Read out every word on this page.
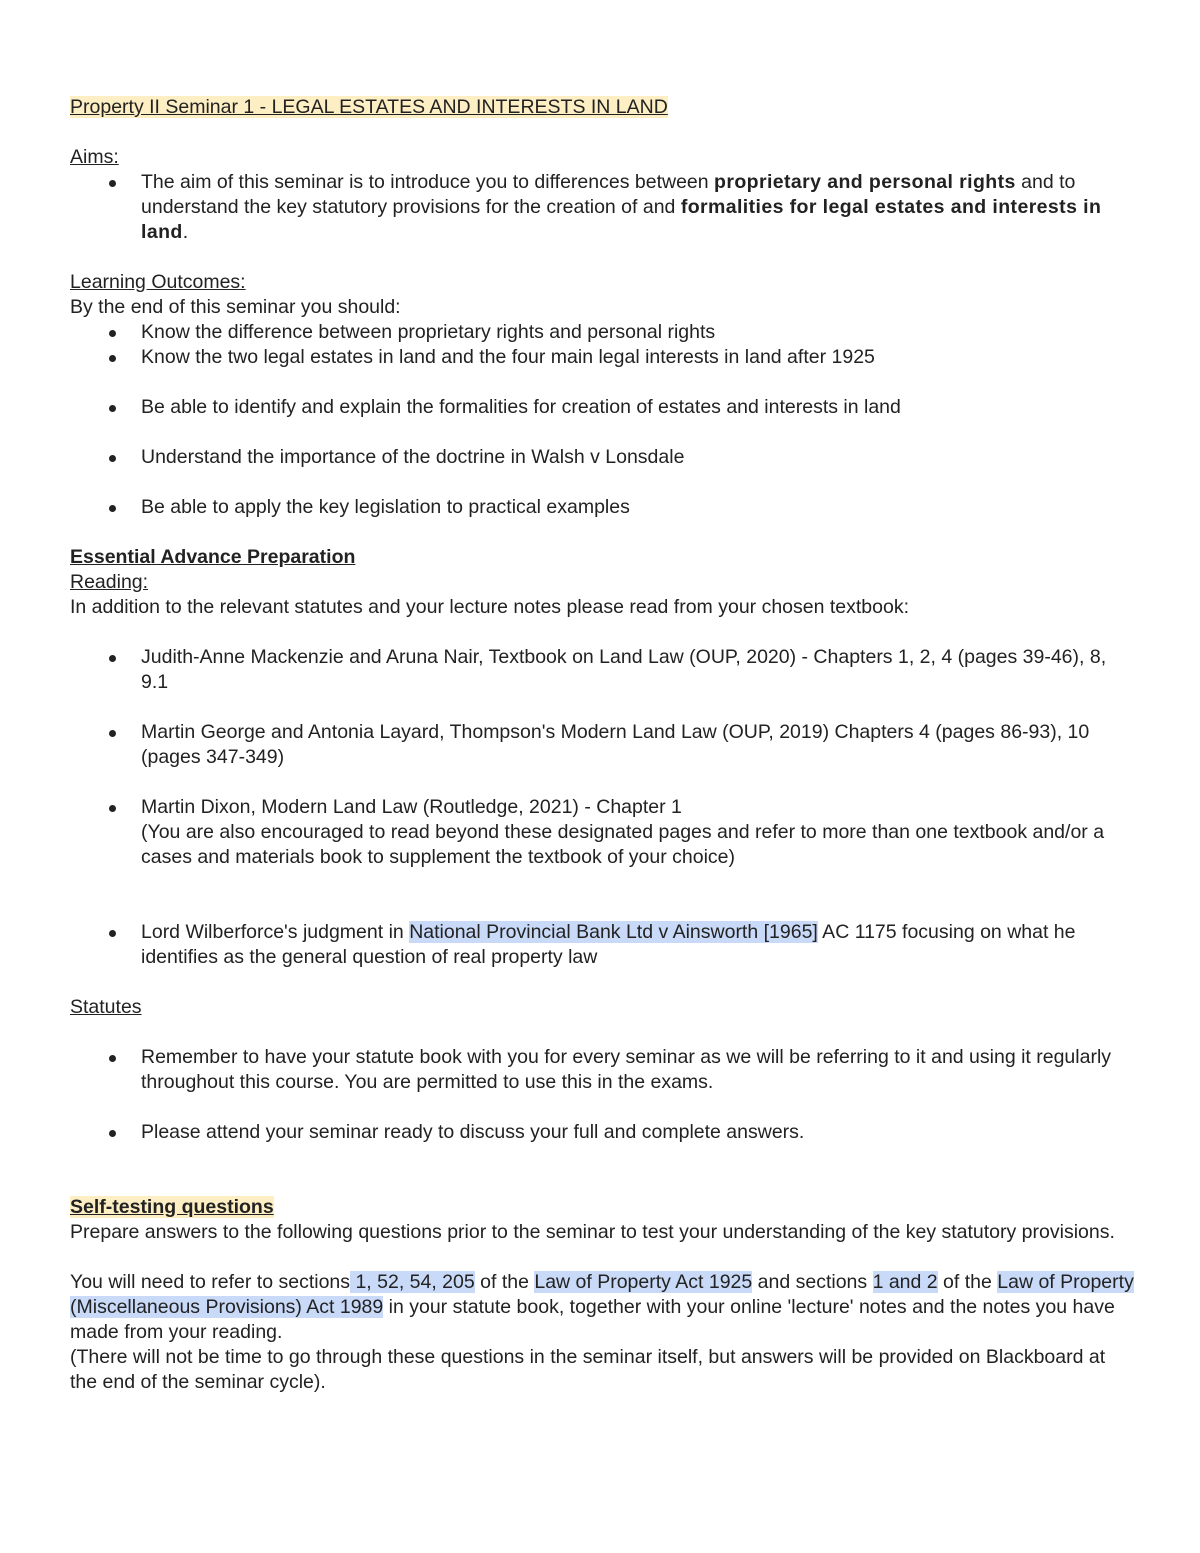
Property II Seminar 1 - LEGAL ESTATES AND INTERESTS IN LAND
Aims:
The aim of this seminar is to introduce you to differences between proprietary and personal rights and to understand the key statutory provisions for the creation of and formalities for legal estates and interests in land.
Learning Outcomes:
By the end of this seminar you should:
Know the difference between proprietary rights and personal rights
Know the two legal estates in land and the four main legal interests in land after 1925
Be able to identify and explain the formalities for creation of estates and interests in land
Understand the importance of the doctrine in Walsh v Lonsdale
Be able to apply the key legislation to practical examples
Essential Advance Preparation
Reading:
In addition to the relevant statutes and your lecture notes please read from your chosen textbook:
Judith-Anne Mackenzie and Aruna Nair, Textbook on Land Law (OUP, 2020) - Chapters 1, 2, 4 (pages 39-46), 8, 9.1
Martin George and Antonia Layard, Thompson's Modern Land Law (OUP, 2019) Chapters 4 (pages 86-93), 10 (pages 347-349)
Martin Dixon, Modern Land Law (Routledge, 2021) - Chapter 1
(You are also encouraged to read beyond these designated pages and refer to more than one textbook and/or a cases and materials book to supplement the textbook of your choice)
Lord Wilberforce's judgment in National Provincial Bank Ltd v Ainsworth [1965] AC 1175 focusing on what he identifies as the general question of real property law
Statutes
Remember to have your statute book with you for every seminar as we will be referring to it and using it regularly throughout this course. You are permitted to use this in the exams.
Please attend your seminar ready to discuss your full and complete answers.
Self-testing questions
Prepare answers to the following questions prior to the seminar to test your understanding of the key statutory provisions.
You will need to refer to sections 1, 52, 54, 205 of the Law of Property Act 1925 and sections 1 and 2 of the Law of Property (Miscellaneous Provisions) Act 1989 in your statute book, together with your online 'lecture' notes and the notes you have made from your reading.
(There will not be time to go through these questions in the seminar itself, but answers will be provided on Blackboard at the end of the seminar cycle).
